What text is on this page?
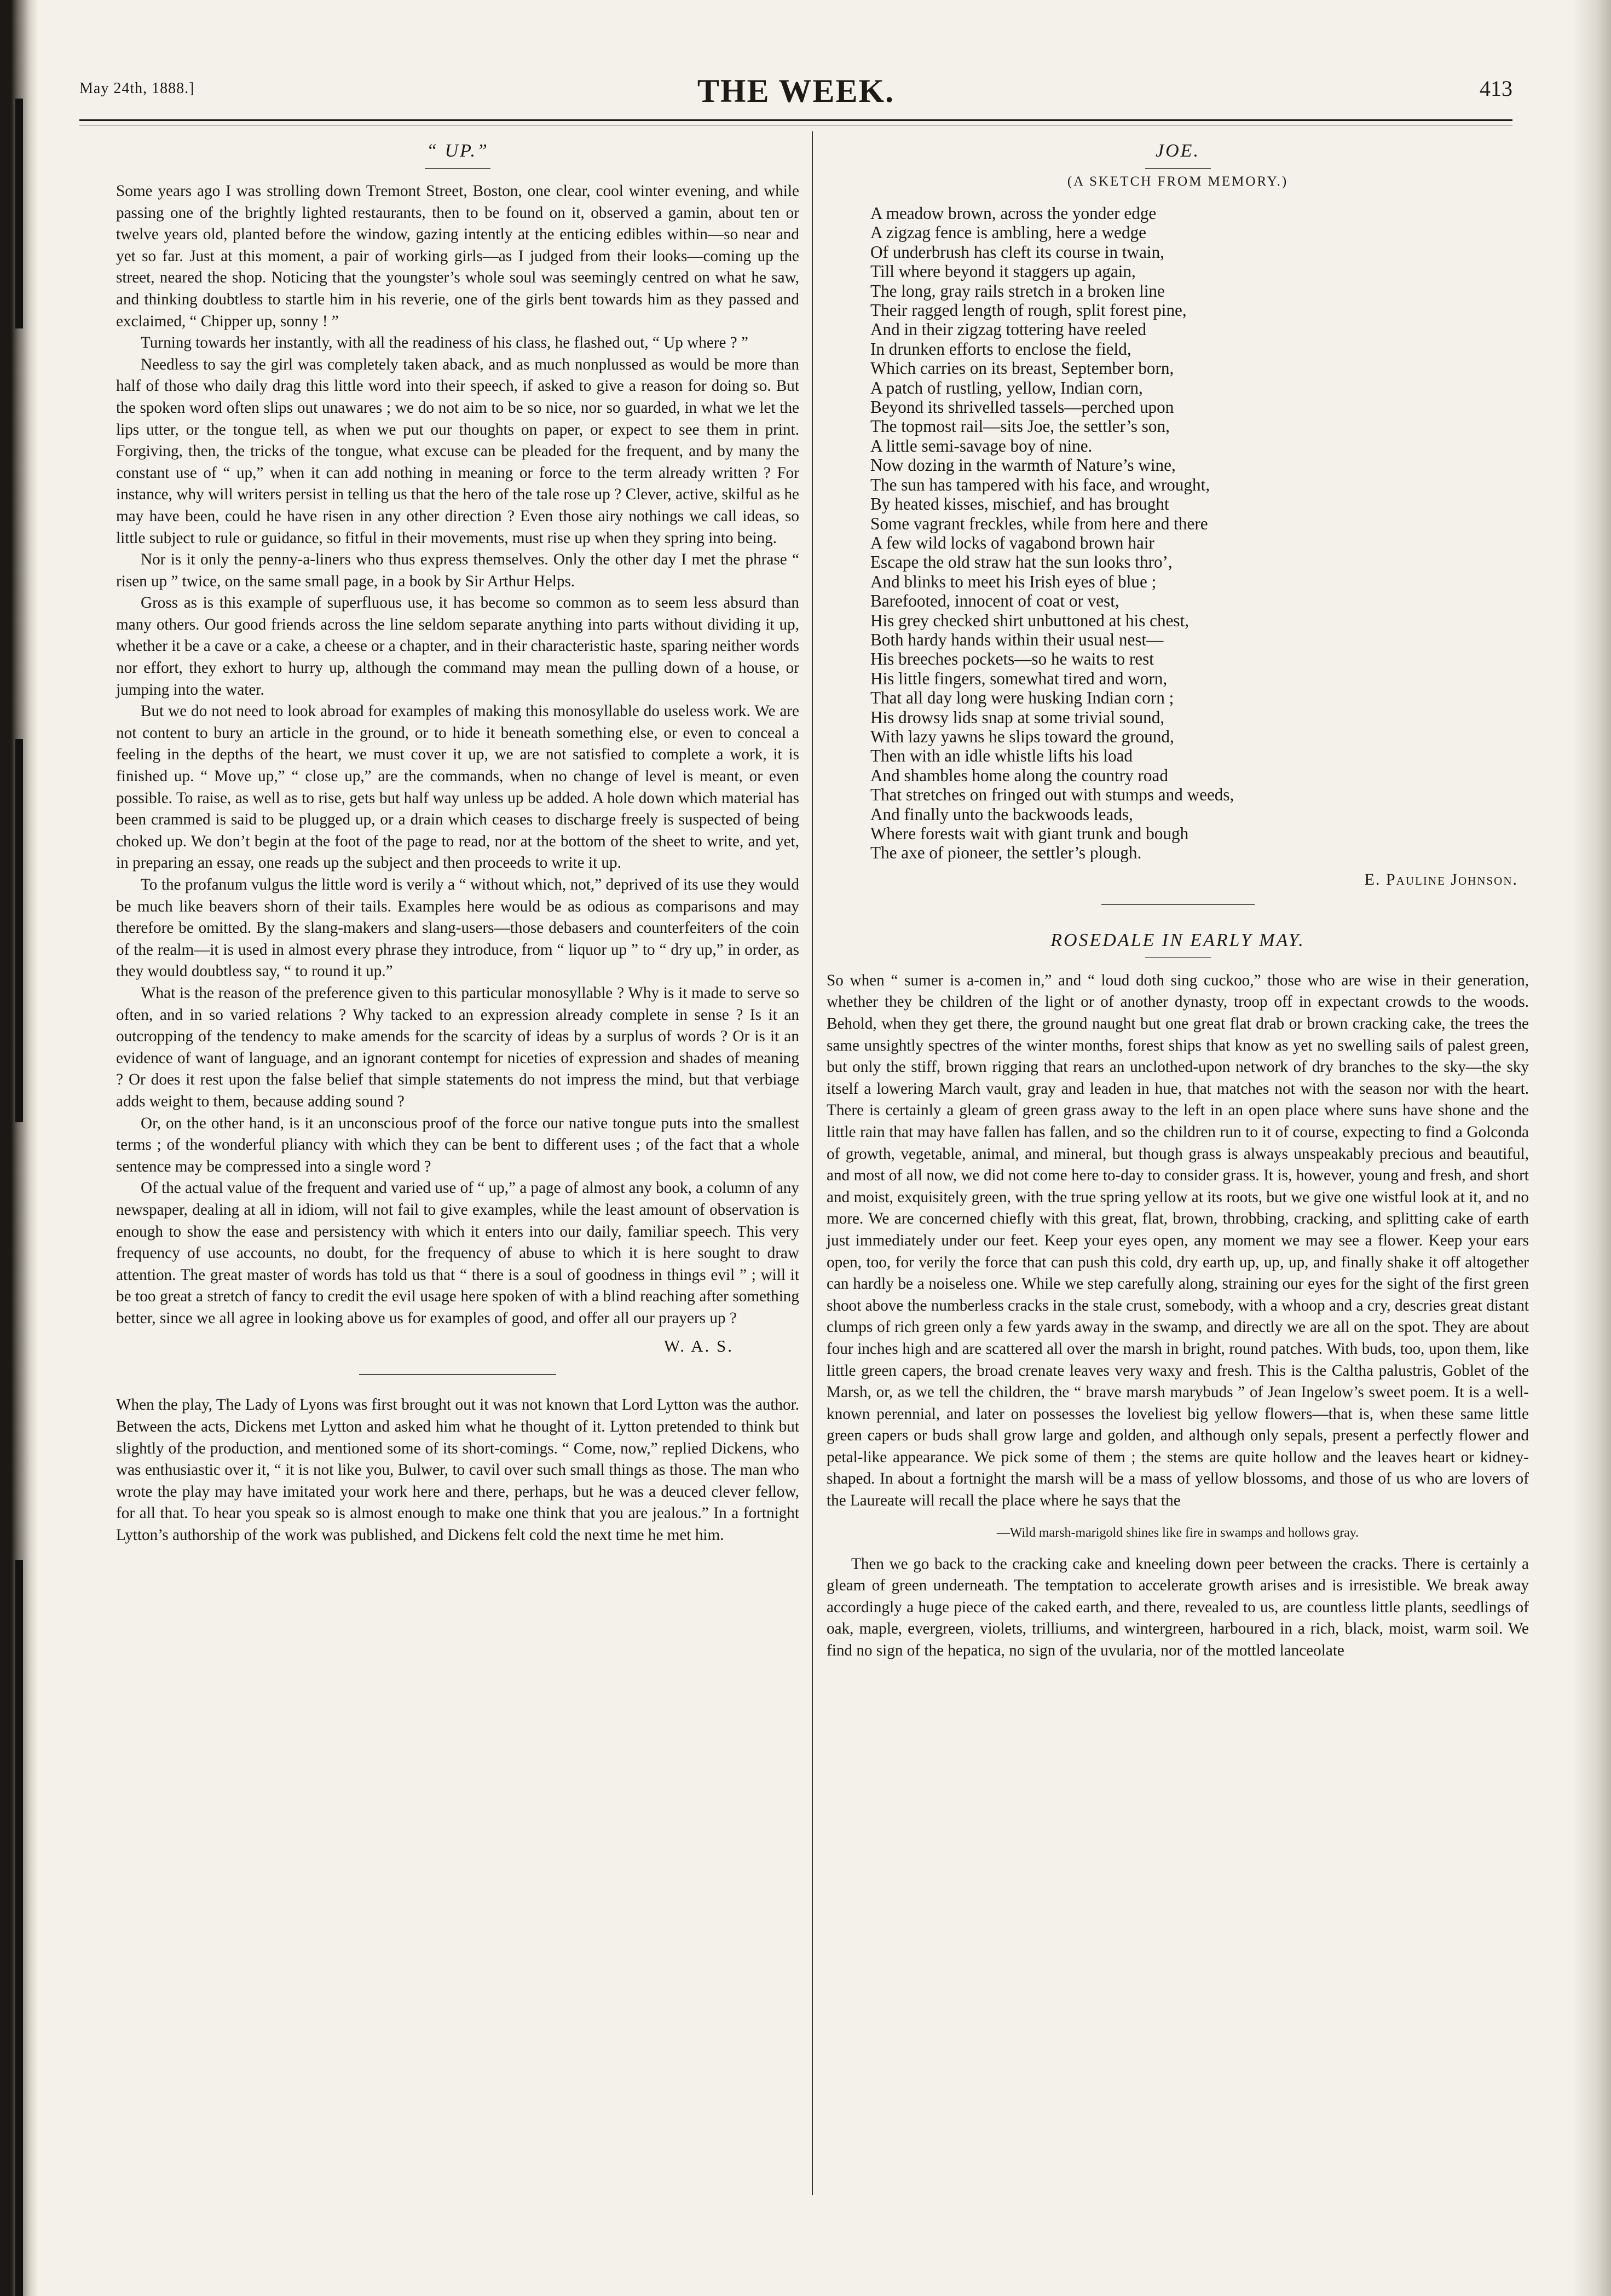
May 24th, 1888.]	THE WEEK.	413
“ UP.”

Some years ago I was strolling down Tremont Street, Boston, one clear, cool winter evening, and while passing one of the brightly lighted restaurants, then to be found on it, observed a gamin, about ten or twelve years old, planted before the window, gazing intently at the enticing edibles within—so near and yet so far. Just at this moment, a pair of working girls—as I judged from their looks—coming up the street, neared the shop. Noticing that the youngster’s whole soul was seemingly centred on what he saw, and thinking doubtless to startle him in his reverie, one of the girls bent towards him as they passed and exclaimed, “ Chipper up, sonny ! ”

Turning towards her instantly, with all the readiness of his class, he flashed out, “ Up where ? ”

Needless to say the girl was completely taken aback, and as much nonplussed as would be more than half of those who daily drag this little word into their speech, if asked to give a reason for doing so. But the spoken word often slips out unawares ; we do not aim to be so nice, nor so guarded, in what we let the lips utter, or the tongue tell, as when we put our thoughts on paper, or expect to see them in print. Forgiving, then, the tricks of the tongue, what excuse can be pleaded for the frequent, and by many the constant use of “ up,” when it can add nothing in meaning or force to the term already written ? For instance, why will writers persist in telling us that the hero of the tale rose up ? Clever, active, skilful as he may have been, could he have risen in any other direction ? Even those airy nothings we call ideas, so little subject to rule or guidance, so fitful in their movements, must rise up when they spring into being.

Nor is it only the penny-a-liners who thus express themselves. Only the other day I met the phrase “ risen up ” twice, on the same small page, in a book by Sir Arthur Helps.

Gross as is this example of superfluous use, it has become so common as to seem less absurd than many others. Our good friends across the line seldom separate anything into parts without dividing it up, whether it be a cave or a cake, a cheese or a chapter, and in their characteristic haste, sparing neither words nor effort, they exhort to hurry up, although the command may mean the pulling down of a house, or jumping into the water.

But we do not need to look abroad for examples of making this monosyllable do useless work. We are not content to bury an article in the ground, or to hide it beneath something else, or even to conceal a feeling in the depths of the heart, we must cover it up, we are not satisfied to complete a work, it is finished up. “ Move up,” “ close up,” are the commands, when no change of level is meant, or even possible. To raise, as well as to rise, gets but half way unless up be added. A hole down which material has been crammed is said to be plugged up, or a drain which ceases to discharge freely is suspected of being choked up. We don’t begin at the foot of the page to read, nor at the bottom of the sheet to write, and yet, in preparing an essay, one reads up the subject and then proceeds to write it up.

To the profanum vulgus the little word is verily a “ without which, not,” deprived of its use they would be much like beavers shorn of their tails. Examples here would be as odious as comparisons and may therefore be omitted. By the slang-makers and slang-users—those debasers and counterfeiters of the coin of the realm—it is used in almost every phrase they introduce, from “ liquor up ” to “ dry up,” in order, as they would doubtless say, “ to round it up.”

What is the reason of the preference given to this particular monosyllable ? Why is it made to serve so often, and in so varied relations ? Why tacked to an expression already complete in sense ? Is it an outcropping of the tendency to make amends for the scarcity of ideas by a surplus of words ? Or is it an evidence of want of language, and an ignorant contempt for niceties of expression and shades of meaning ? Or does it rest upon the false belief that simple statements do not impress the mind, but that verbiage adds weight to them, because adding sound ?

Or, on the other hand, is it an unconscious proof of the force our native tongue puts into the smallest terms ; of the wonderful pliancy with which they can be bent to different uses ; of the fact that a whole sentence may be compressed into a single word ?

Of the actual value of the frequent and varied use of “ up,” a page of almost any book, a column of any newspaper, dealing at all in idiom, will not fail to give examples, while the least amount of observation is enough to show the ease and persistency with which it enters into our daily, familiar speech. This very frequency of use accounts, no doubt, for the frequency of abuse to which it is here sought to draw attention. The great master of words has told us that “ there is a soul of goodness in things evil ” ; will it be too great a stretch of fancy to credit the evil usage here spoken of with a blind reaching after something better, since we all agree in looking above us for examples of good, and offer all our prayers up ?

W. A. S.

When the play, The Lady of Lyons was first brought out it was not known that Lord Lytton was the author. Between the acts, Dickens met Lytton and asked him what he thought of it. Lytton pretended to think but slightly of the production, and mentioned some of its short-comings. “ Come, now,” replied Dickens, who was enthusiastic over it, “ it is not like you, Bulwer, to cavil over such small things as those. The man who wrote the play may have imitated your work here and there, perhaps, but he was a deuced clever fellow, for all that. To hear you speak so is almost enough to make one think that you are jealous.” In a fortnight Lytton’s authorship of the work was published, and Dickens felt cold the next time he met him.

JOE.
(A SKETCH FROM MEMORY.)
A meadow brown, across the yonder edge
A zigzag fence is ambling, here a wedge
Of underbrush has cleft its course in twain,
Till where beyond it staggers up again,
The long, gray rails stretch in a broken line
Their ragged length of rough, split forest pine,
And in their zigzag tottering have reeled
In drunken efforts to enclose the field,
Which carries on its breast, September born,
A patch of rustling, yellow, Indian corn,
Beyond its shrivelled tassels—perched upon
The topmost rail—sits Joe, the settler’s son,
A little semi-savage boy of nine.
Now dozing in the warmth of Nature’s wine,
The sun has tampered with his face, and wrought,
By heated kisses, mischief, and has brought
Some vagrant freckles, while from here and there
A few wild locks of vagabond brown hair
Escape the old straw hat the sun looks thro’,
And blinks to meet his Irish eyes of blue ;
Barefooted, innocent of coat or vest,
His grey checked shirt unbuttoned at his chest,
Both hardy hands within their usual nest—
His breeches pockets—so he waits to rest
His little fingers, somewhat tired and worn,
That all day long were husking Indian corn ;
His drowsy lids snap at some trivial sound,
With lazy yawns he slips toward the ground,
Then with an idle whistle lifts his load
And shambles home along the country road
That stretches on fringed out with stumps and weeds,
And finally unto the backwoods leads,
Where forests wait with giant trunk and bough
The axe of pioneer, the settler’s plough.
E. Pauline Johnson.
ROSEDALE IN EARLY MAY.

So when “ sumer is a-comen in,” and “ loud doth sing cuckoo,” those who are wise in their generation, whether they be children of the light or of another dynasty, troop off in expectant crowds to the woods. Behold, when they get there, the ground naught but one great flat drab or brown cracking cake, the trees the same unsightly spectres of the winter months, forest ships that know as yet no swelling sails of palest green, but only the stiff, brown rigging that rears an unclothed-upon network of dry branches to the sky—the sky itself a lowering March vault, gray and leaden in hue, that matches not with the season nor with the heart. There is certainly a gleam of green grass away to the left in an open place where suns have shone and the little rain that may have fallen has fallen, and so the children run to it of course, expecting to find a Golconda of growth, vegetable, animal, and mineral, but though grass is always unspeakably precious and beautiful, and most of all now, we did not come here to-day to consider grass. It is, however, young and fresh, and short and moist, exquisitely green, with the true spring yellow at its roots, but we give one wistful look at it, and no more. We are concerned chiefly with this great, flat, brown, throbbing, cracking, and splitting cake of earth just immediately under our feet. Keep your eyes open, any moment we may see a flower. Keep your ears open, too, for verily the force that can push this cold, dry earth up, up, up, and finally shake it off altogether can hardly be a noiseless one. While we step carefully along, straining our eyes for the sight of the first green shoot above the numberless cracks in the stale crust, somebody, with a whoop and a cry, descries great distant clumps of rich green only a few yards away in the swamp, and directly we are all on the spot. They are about four inches high and are scattered all over the marsh in bright, round patches. With buds, too, upon them, like little green capers, the broad crenate leaves very waxy and fresh. This is the Caltha palustris, Goblet of the Marsh, or, as we tell the children, the “ brave marsh marybuds ” of Jean Ingelow’s sweet poem. It is a well-known perennial, and later on possesses the loveliest big yellow flowers—that is, when these same little green capers or buds shall grow large and golden, and although only sepals, present a perfectly flower and petal-like appearance. We pick some of them ; the stems are quite hollow and the leaves heart or kidney-shaped. In about a fortnight the marsh will be a mass of yellow blossoms, and those of us who are lovers of the Laureate will recall the place where he says that the

—Wild marsh-marigold shines like fire in swamps and hollows gray.

Then we go back to the cracking cake and kneeling down peer between the cracks. There is certainly a gleam of green underneath. The temptation to accelerate growth arises and is irresistible. We break away accordingly a huge piece of the caked earth, and there, revealed to us, are countless little plants, seedlings of oak, maple, evergreen, violets, trilliums, and wintergreen, harboured in a rich, black, moist, warm soil. We find no sign of the hepatica, no sign of the uvularia, nor of the mottled lanceolate
